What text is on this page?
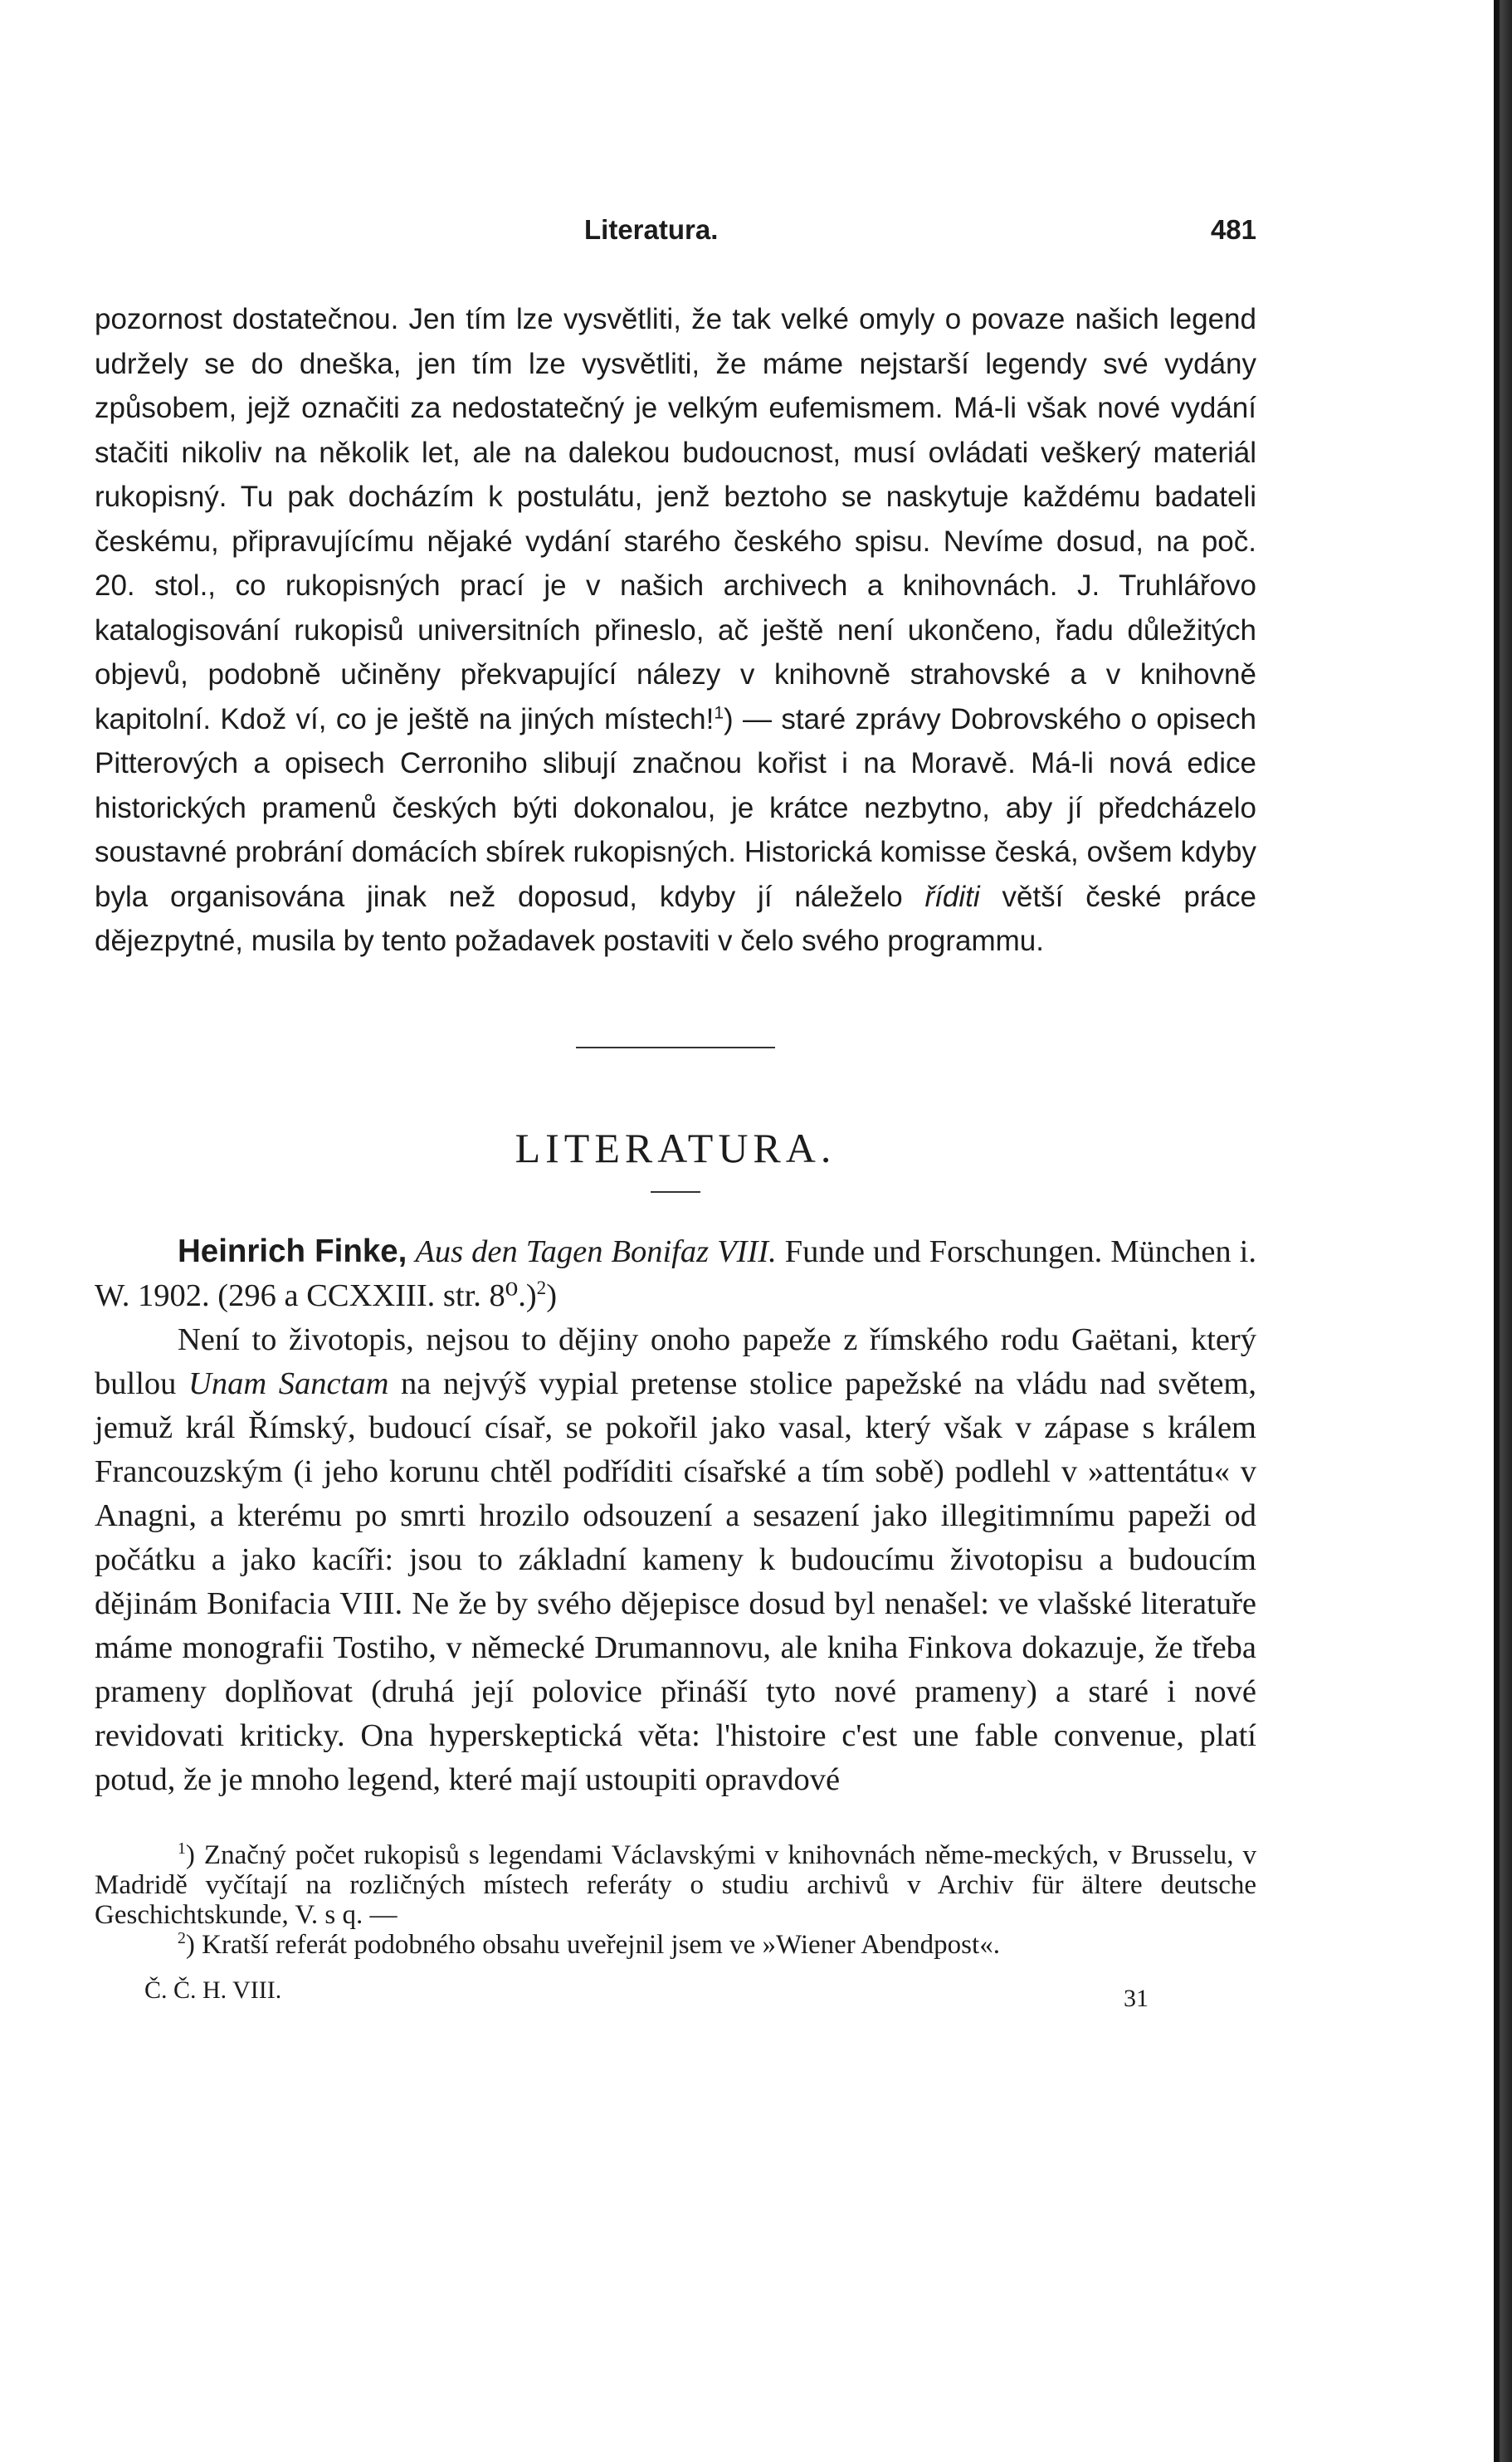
Literatura.	481

pozornost dostatečnou. Jen tím lze vysvětliti, že tak velké omyly o povaze našich legend udržely se do dneška, jen tím lze vysvětliti, že máme nejstarší legendy své vydány způsobem, jejž označiti za nedostatečný je velkým eufemismem. Má-li však nové vydání stačiti nikoliv na několik let, ale na dalekou budoucnost, musí ovládati veškerý materiál rukopisný. Tu pak docházím k postulátu, jenž beztoho se naskytuje každému badateli českému, připravujícímu nějaké vydání starého českého spisu. Nevíme dosud, na poč. 20. stol., co rukopisných prací je v našich archivech a knihovnách. J. Truhlářovo katalogisování rukopisů universitních přineslo, ač ještě není ukončeno, řadu důležitých objevů, podobně učiněny překvapující nálezy v knihovně strahovské a v knihovně kapitolní. Kdož ví, co je ještě na jiných místech!$^1$) — staré zprávy Dobrovského o opisech Pitterových a opisech Cerroniho slibují značnou kořist i na Moravě. Má-li nová edice historických pramenů českých býti dokonalou, je krátce nezbytno, aby jí předcházelo soustavné probrání domácích sbírek rukopisných. Historická komisse česká, ovšem kdyby byla organisována jinak než doposud, kdyby jí náleželo říditi větší české práce dějezpytné, musila by tento požadavek postaviti v čelo svého programmu.

LITERATURA.

Heinrich Finke, Aus den Tagen Bonifaz VIII. Funde und Forschungen. München i. W. 1902. (296 a CCXXIII. str. 8⁰.)$^2$)

Není to životopis, nejsou to dějiny onoho papeže z římského rodu Gaëtani, který bullou Unam Sanctam na nejvýš vypial pretense stolice papežské na vládu nad světem, jemuž král Římský, budoucí císař, se pokořil jako vasal, který však v zápase s králem Francouzským (i jeho korunu chtěl podříditi císařské a tím sobě) podlehl v »attentátu« v Anagni, a kterému po smrti hrozilo odsouzení a sesazení jako illegitimnímu papeži od počátku a jako kacíři: jsou to základní kameny k budoucímu životopisu a budoucím dějinám Bonifacia VIII. Ne že by svého dějepisce dosud byl nenašel: ve vlašské literatuře máme monografii Tostiho, v německé Drumannovu, ale kniha Finkova dokazuje, že třeba prameny doplňovat (druhá její polovice přináší tyto nové prameny) a staré i nové revidovati kriticky. Ona hyperskeptická věta: l'histoire c'est une fable convenue, platí potud, že je mnoho legend, které mají ustoupiti opravdové

$^1$) Značný počet rukopisů s legendami Václavskými v knihovnách něme-meckých, v Brusselu, v Madridě vyčítají na rozličných místech referáty o studiu archivů v Archiv für ältere deutsche Geschichtskunde, V. s q. —

$^2$) Kratší referát podobného obsahu uveřejnil jsem ve »Wiener Abendpost«.

Č. Č. H. VIII.	31
